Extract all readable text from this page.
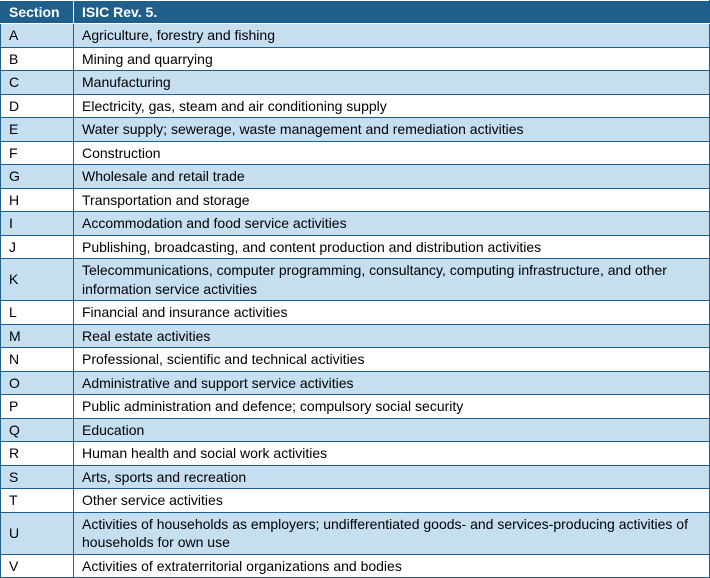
Section	ISIC Rev. 5.
A	Agriculture, forestry and fishing
B	Mining and quarrying
C	Manufacturing
D	Electricity, gas, steam and air conditioning supply
E	Water supply; sewerage, waste management and remediation activities
F	Construction
G	Wholesale and retail trade
H	Transportation and storage
I	Accommodation and food service activities
J	Publishing, broadcasting, and content production and distribution activities
K	Telecommunications, computer programming, consultancy, computing infrastructure, and other information service activities
L	Financial and insurance activities
M	Real estate activities
N	Professional, scientific and technical activities
O	Administrative and support service activities
P	Public administration and defence; compulsory social security
Q	Education
R	Human health and social work activities
S	Arts, sports and recreation
T	Other service activities
U	Activities of households as employers; undifferentiated goods- and services-producing activities of households for own use
V	Activities of extraterritorial organizations and bodies
